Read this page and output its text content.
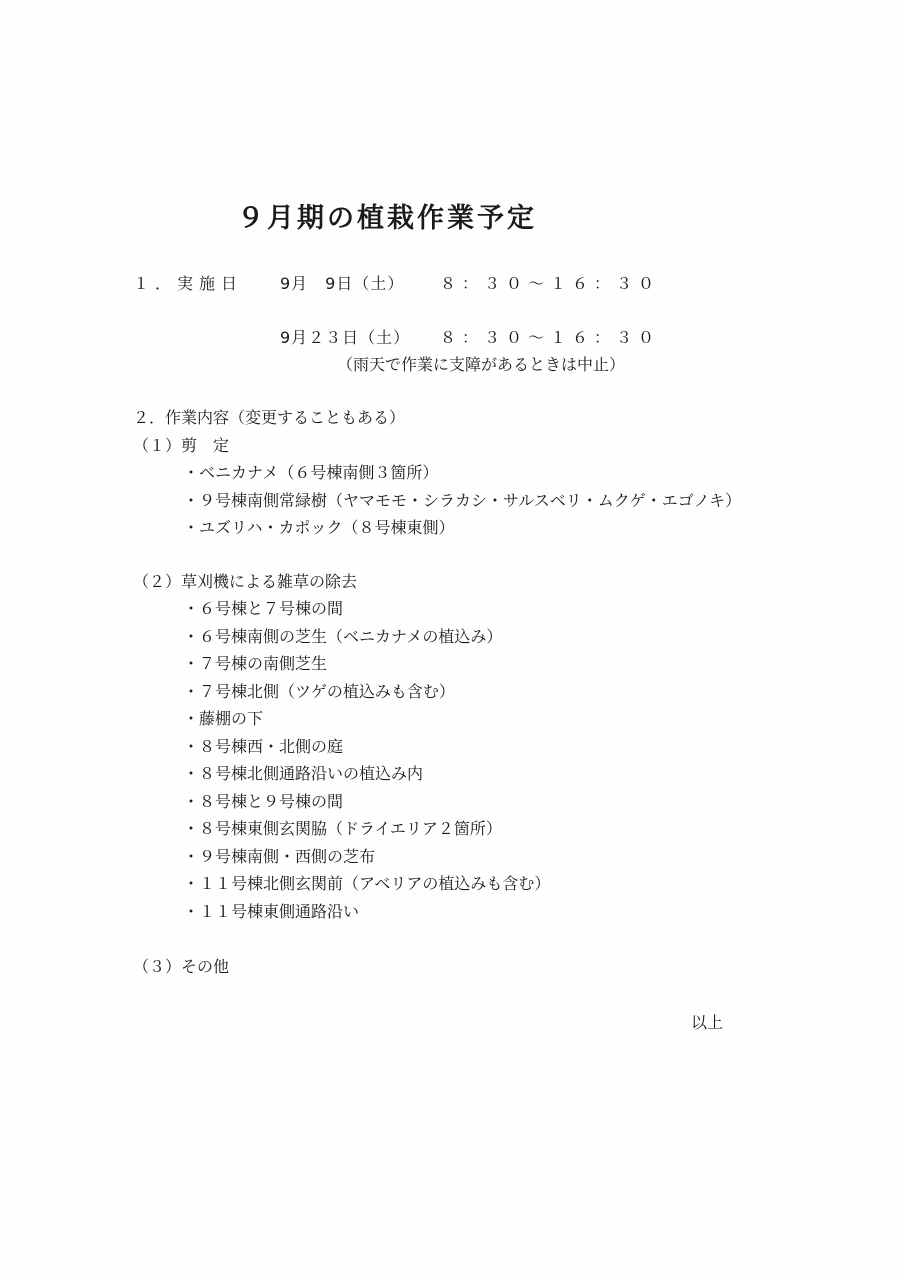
９月期の植栽作業予定
１．実施日 9月　9日（土） ８：３０～１６：３０
9月２３日（土） ８：３０～１６：３０
（雨天で作業に支障があるときは中止）
２．作業内容（変更することもある）
（１）剪　定
・ベニカナメ（６号棟南側３箇所）
・９号棟南側常緑樹（ヤマモモ・シラカシ・サルスベリ・ムクゲ・エゴノキ）
・ユズリハ・カポック（８号棟東側）
（２）草刈機による雑草の除去
・６号棟と７号棟の間
・６号棟南側の芝生（ベニカナメの植込み）
・７号棟の南側芝生
・７号棟北側（ツゲの植込みも含む）
・藤棚の下
・８号棟西・北側の庭
・８号棟北側通路沿いの植込み内
・８号棟と９号棟の間
・８号棟東側玄関脇（ドライエリア２箇所）
・９号棟南側・西側の芝布
・１１号棟北側玄関前（アベリアの植込みも含む）
・１１号棟東側通路沿い
（３）その他
以上
